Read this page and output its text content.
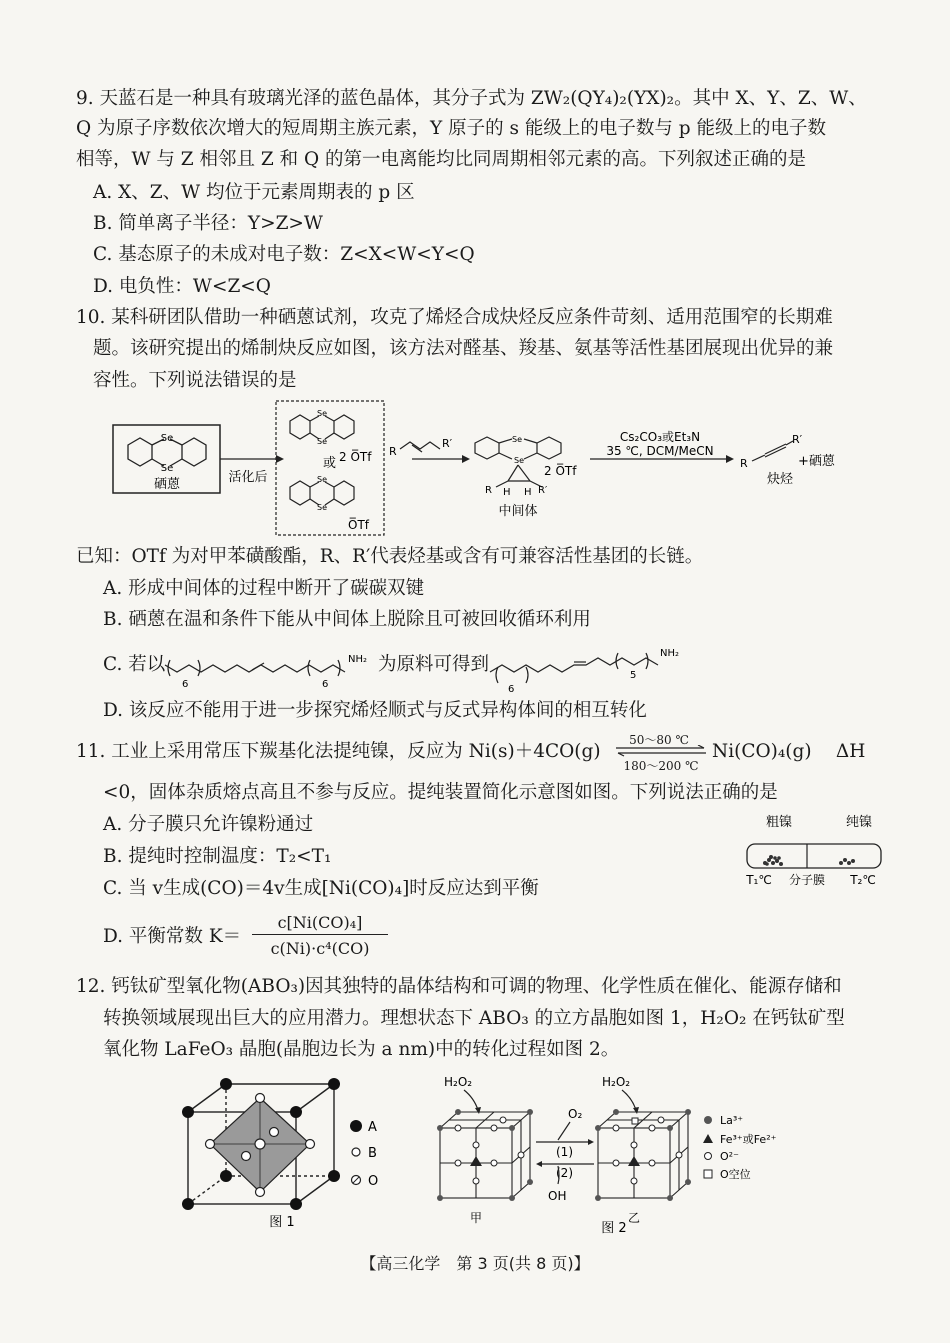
9. 天蓝石是一种具有玻璃光泽的蓝色晶体，其分子式为 ZW₂(QY₄)₂(YX)₂。其中 X、Y、Z、W、
Q 为原子序数依次增大的短周期主族元素，Y 原子的 s 能级上的电子数与 p 能级上的电子数
相等，W 与 Z 相邻且 Z 和 Q 的第一电离能均比同周期相邻元素的高。下列叙述正确的是
A. X、Z、W 均位于元素周期表的 p 区
B. 简单离子半径：Y>Z>W
C. 基态原子的未成对电子数：Z<X<W<Y<Q
D. 电负性：W<Z<Q
10. 某科研团队借助一种硒蒽试剂，攻克了烯烃合成炔烃反应条件苛刻、适用范围窄的长期难
题。该研究提出的烯制炔反应如图，该方法对醛基、羧基、氨基等活性基团展现出优异的兼
容性。下列说法错误的是
Se
Se
硒蒽	活化后
Se
Se
Se
Se
或 2 O̅Tf
O̅Tf
R
R′	Se
Se
R H H R′
2 O̅Tf
中间体
Cs₂CO₃或Et₃N
35 ℃, DCM/MeCN
R
R′
+硒蒽
炔烃
已知：OTf 为对甲苯磺酸酯，R、R′代表烃基或含有可兼容活性基团的长链。
A. 形成中间体的过程中断开了碳碳双键
B. 硒蒽在温和条件下能从中间体上脱除且可被回收循环利用
C. 若以
6	6
NH₂
6
5
NH₂
为原料可得到
D. 该反应不能用于进一步探究烯烃顺式与反式异构体间的相互转化
11. 工业上采用常压下羰基化法提纯镍，反应为 Ni(s)＋4CO(g)
50～80 ℃
180～200 ℃
Ni(CO)₄(g)　 ΔH
<0，固体杂质熔点高且不参与反应。提纯装置简化示意图如图。下列说法正确的是
A. 分子膜只允许镍粉通过
B. 提纯时控制温度：T₂<T₁
C. 当 v生成(CO)＝4v生成[Ni(CO)₄]时反应达到平衡
D. 平衡常数 K＝
c[Ni(CO)₄]
c(Ni)·c⁴(CO)
粗镍	纯镍
T₁℃ 分子膜 T₂℃
12. 钙钛矿型氧化物(ABO₃)因其独特的晶体结构和可调的物理、化学性质在催化、能源存储和
转换领域展现出巨大的应用潜力。理想状态下 ABO₃ 的立方晶胞如图 1，H₂O₂ 在钙钛矿型
氧化物 LaFeO₃ 晶胞(晶胞边长为 a nm)中的转化过程如图 2。
A
B
O
图 1
H₂O₂
甲
O₂
(1)
(2)
OH
H₂O₂
乙
图 2
La³⁺
Fe³⁺或Fe²⁺
O²⁻
O空位
【高三化学　第 3 页(共 8 页)】
